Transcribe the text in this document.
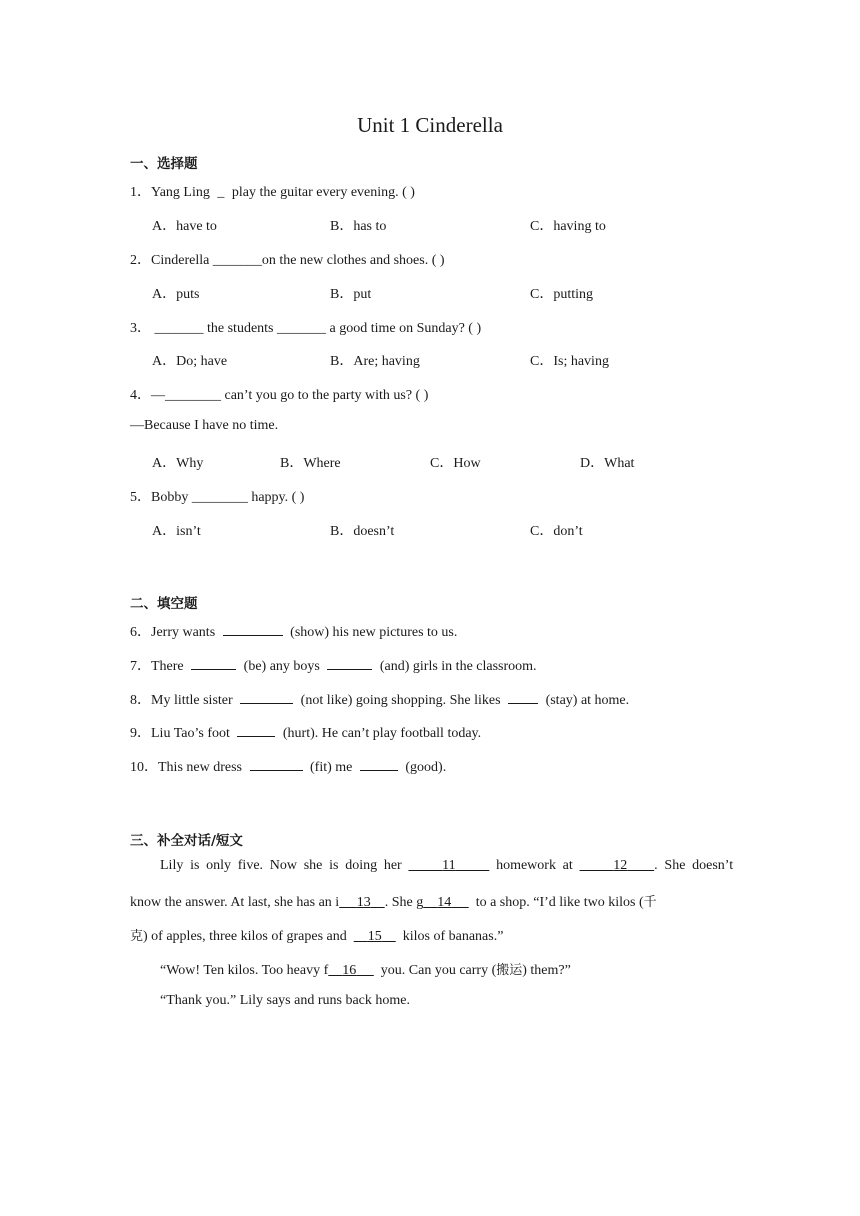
Unit 1 Cinderella
一、选择题
1．Yang Ling _ play the guitar every evening. ( )
A．have to	B．has to	C．having to
2．Cinderella _______on the new clothes and shoes. ( )
A．puts	B．put	C．putting
3． _______ the students _______ a good time on Sunday? ( )
A．Do; have	B．Are; having	C．Is; having
4．—________ can’t you go to the party with us? ( )
—Because I have no time.
A．Why	B．Where	C．How	D．What
5．Bobby ________ happy. ( )
A．isn’t	B．doesn’t	C．don’t
二、填空题
6．Jerry wants	(show) his new pictures to us.
7．There	(be) any boys	(and) girls in the classroom.
8．My little sister	(not like) going shopping. She likes	(stay) at home.
9．Liu Tao’s foot	(hurt). He can’t play football today.
10．This new dress	(fit) me	(good).
三、补全对话/短文
Lily is only five. Now she is doing her	11	homework at	12 . She doesn’t
know the answer. At last, she has an i 13 . She g 14 to a shop. “I’d like two kilos (千
克) of apples, three kilos of grapes and 15 kilos of bananas.”
“Wow! Ten kilos. Too heavy f 16 you. Can you carry (搬运) them?”
“Thank you.” Lily says and runs back home.
